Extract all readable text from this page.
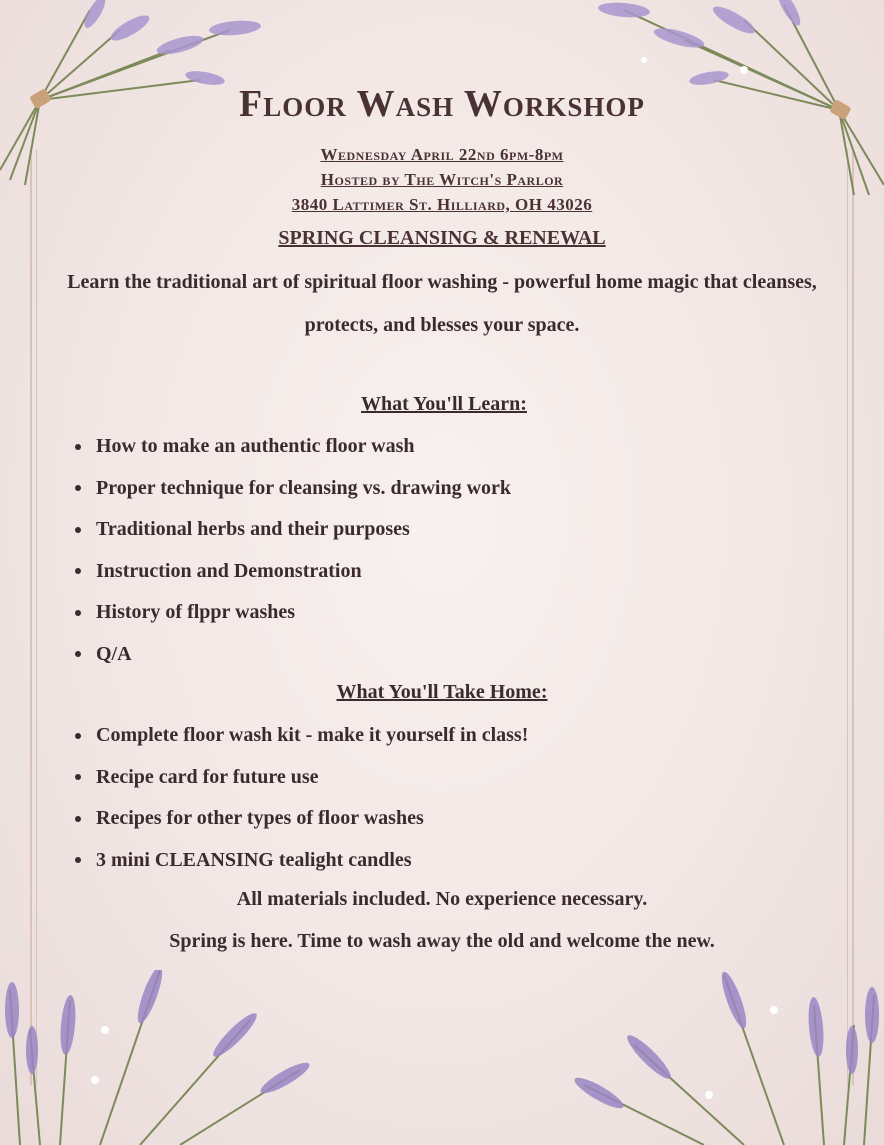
Floor Wash Workshop
Wednesday April 22nd 6pm-8pm
Hosted by The Witch's Parlor
3840 Lattimer St. Hilliard, OH 43026
SPRING CLEANSING & RENEWAL
Learn the traditional art of spiritual floor washing - powerful home magic that cleanses, protects, and blesses your space.
What You'll Learn:
How to make an authentic floor wash
Proper technique for cleansing vs. drawing work
Traditional herbs and their purposes
Instruction and Demonstration
History of flppr washes
Q/A
What You'll Take Home:
Complete floor wash kit - make it yourself in class!
Recipe card for future use
Recipes for other types of floor washes
3 mini CLEANSING tealight candles
All materials included. No experience necessary.
Spring is here. Time to wash away the old and welcome the new.
